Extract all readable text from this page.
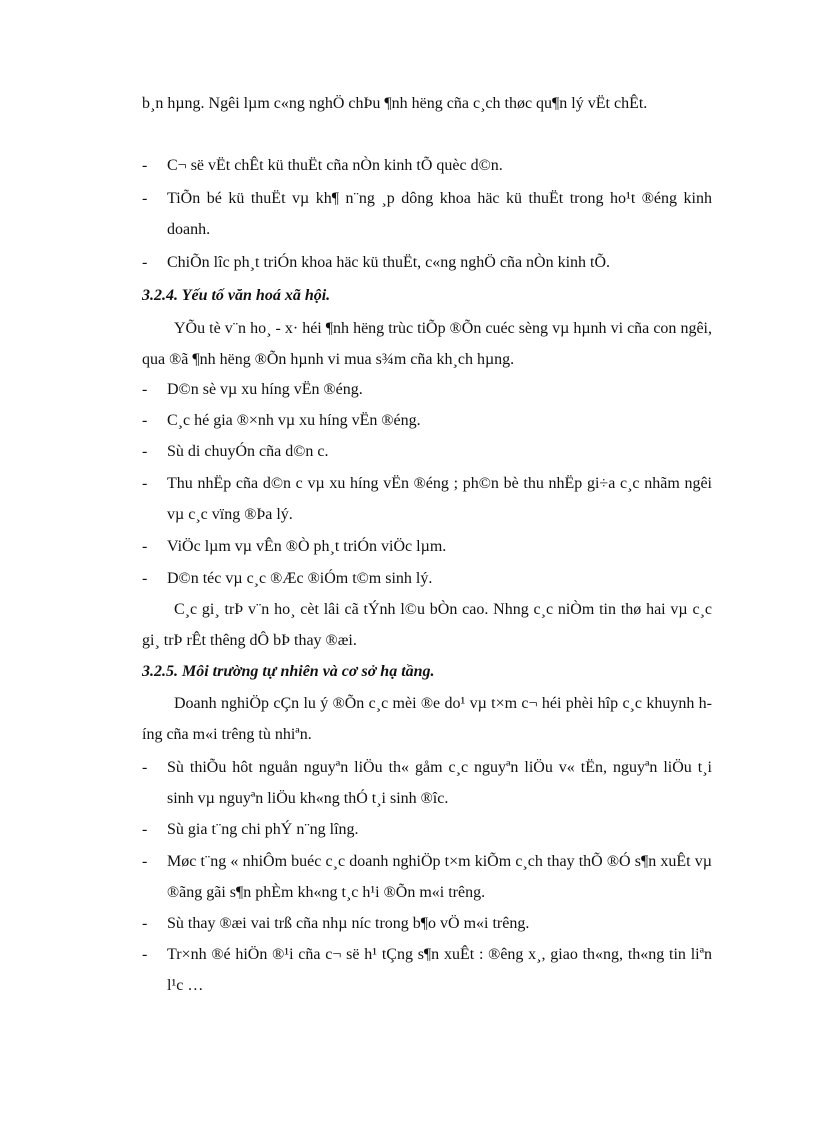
b¸n hµng. Ngêi lµm c«ng nghÖ chÞu ¶nh hëng cña c¸ch thøc qu¶n lý vËt chÊt.

-	C¬ së vËt chÊt kü thuËt cña nÒn kinh tÕ quèc d©n.
-	TiÕn bé kü thuËt vµ kh¶ n¨ng ¸p dông khoa häc kü thuËt trong ho¹t ®éng kinh doanh.
-	ChiÕn lîc ph¸t triÓn khoa häc kü thuËt, c«ng nghÖ cña nÒn kinh tÕ.

3.2.4. Yếu tố văn hoá xã hội.

YÕu tè v¨n ho¸ - x· héi ¶nh hëng trùc tiÕp ®Õn cuéc sèng vµ hµnh vi cña con ngêi, qua ®ã ¶nh hëng ®Õn hµnh vi mua s¾m cña kh¸ch hµng.

-	D©n sè vµ xu híng vËn ®éng.
-	C¸c hé gia ®×nh vµ xu híng vËn ®éng.
-	Sù di chuyÓn cña d©n c.
-	Thu nhËp cña d©n c vµ xu híng vËn ®éng ; ph©n bè thu nhËp gi÷a c¸c nhãm ngêi vµ c¸c vïng ®Þa lý.
-	ViÖc lµm vµ vÊn ®Ò ph¸t triÓn viÖc lµm.
-	D©n téc vµ c¸c ®Æc ®iÓm t©m sinh lý.

C¸c gi¸ trÞ v¨n ho¸ cèt lâi cã tÝnh l©u bÒn cao. Nhng c¸c niÒm tin thø hai vµ c¸c gi¸ trÞ rÊt thêng dÔ bÞ thay ®æi.

3.2.5. Môi trường tự nhiên và cơ sở hạ tầng.

Doanh nghiÖp cÇn lu ý ®Õn c¸c mèi ®e do¹ vµ t×m c¬ héi phèi hîp c¸c khuynh híng cña m«i trêng tù nhiªn.

-	Sù thiÕu hôt nguån nguyªn liÖu th« gåm c¸c nguyªn liÖu v« tËn, nguyªn liÖu t¸i sinh vµ nguyªn liÖu kh«ng thÓ t¸i sinh ®îc.
-	Sù gia t¨ng chi phÝ n¨ng lîng.
-	Møc t¨ng « nhiÔm buéc c¸c doanh nghiÖp t×m kiÕm c¸ch thay thÕ ®Ó s¶n xuÊt vµ ®ãng gãi s¶n phÈm kh«ng t¸c h¹i ®Õn m«i trêng.
-	Sù thay ®æi vai trß cña nhµ níc trong b¶o vÖ m«i trêng.
-	Tr×nh ®é hiÖn ®¹i cña c¬ së h¹ tÇng s¶n xuÊt : ®êng x¸, giao th«ng, th«ng tin liªn l¹c …
